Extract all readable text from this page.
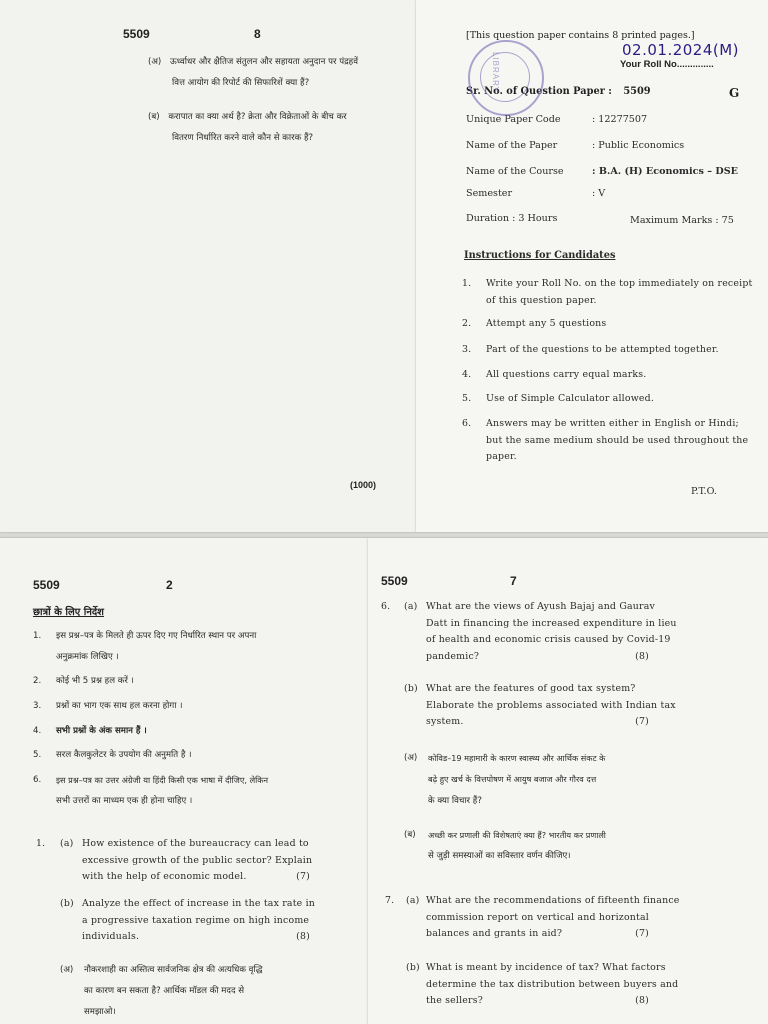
5509	8
(अ) ऊर्ध्वाधर और क्षैतिज संतुलन और सहायता अनुदान पर पंद्रहवें
वित्त आयोग की रिपोर्ट की सिफारिशें क्या हैं?
(ब) करापात का क्या अर्थ है? क्रेता और विक्रेताओं के बीच कर
वितरण निर्धारित करने वाले कौन से कारक हैं?
(1000)
[This question paper contains 8 printed pages.]
02.01.2024(M)
Your Roll No..............
Sr. No. of Question Paper : 5509	G
Unique Paper Code	: 12277507
Name of the Paper	: Public Economics
Name of the Course	: B.A. (H) Economics – DSE
Semester	: V
Duration : 3 Hours	Maximum Marks : 75
Instructions for Candidates
1. Write your Roll No. on the top immediately on receipt

of this question paper.
2. Attempt any 5 questions
3. Part of the questions to be attempted together.
4. All questions carry equal marks.
5. Use of Simple Calculator allowed.
6. Answers may be written either in English or Hindi;

but the same medium should be used throughout the
paper.
P.T.O.
LIBRARY
5509	2
छात्रों के लिए निर्देश
1. इस प्रश्न–पत्र के मिलते ही ऊपर दिए गए निर्धारित स्थान पर अपना

अनुक्रमांक लिखिए ।
2. कोई भी 5 प्रश्न हल करें ।
3. प्रश्नों का भाग एक साथ हल करना होगा ।
4. सभी प्रश्नों के अंक समान हैं ।
5. सरल कैलकुलेटर के उपयोग की अनुमति है ।
6. इस प्रश्न–पत्र का उत्तर अंग्रेजी या हिंदी किसी एक भाषा में दीजिए, लेकिन

सभी उत्तरों का माध्यम एक ही होना चाहिए ।
1. (a) How existence of the bureaucracy can lead to

excessive growth of the public sector? Explain
with the help of economic model.	(7)
(b) Analyze the effect of increase in the tax rate in

a progressive taxation regime on high income
individuals.	(8)
(अ) नौकरशाही का अस्तित्व सार्वजनिक क्षेत्र की अत्यधिक वृद्धि

का कारण बन सकता है? आर्थिक मॉडल की मदद से
समझाओ।
5509	7
6. (a) What are the views of Ayush Bajaj and Gaurav

Datt in financing the increased expenditure in lieu
of health and economic crisis caused by Covid-19
pandemic?	(8)
(b) What are the features of good tax system?

Elaborate the problems associated with Indian tax
system.	(7)
(अ) कोविड–19 महामारी के कारण स्वास्थ्य और आर्थिक संकट के

बढ़े हुए खर्च के वित्तपोषण में आयुष बजाज और गौरव दत्त
के क्या विचार हैं?
(ब) अच्छी कर प्रणाली की विशेषताएं क्या हैं? भारतीय कर प्रणाली

से जुड़ी समस्याओं का सविस्तार वर्णन कीजिए।
7. (a) What are the recommendations of fifteenth finance

commission report on vertical and horizontal
balances and grants in aid?	(7)
(b) What is meant by incidence of tax? What factors

determine the tax distribution between buyers and
the sellers?	(8)
